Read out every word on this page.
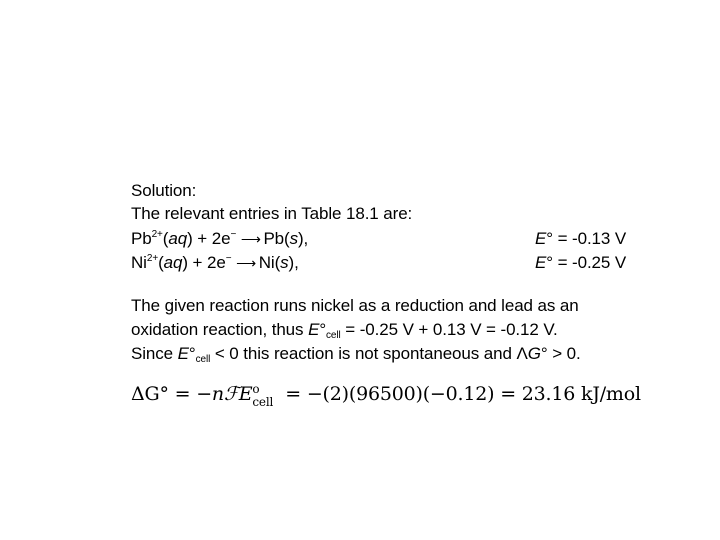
Solution:
The relevant entries in Table 18.1 are:
$Pb^{2+}(aq) + 2e^-$ ⟶ Pb(s),	E° = -0.13 V
$Ni^{2+}(aq) + 2e^-$ ⟶ Ni(s),	E° = -0.25 V
The given reaction runs nickel as a reduction and lead as an
oxidation reaction, thus $E^\circ_{cell} = -0.25$ V + 0.13 V = -0.12 V.
Since $E^\circ_{cell} < 0$ this reaction is not spontaneous and ΛG° > 0.
ΔG° = −nℱE$^o$
cell = −(2)(96500)(−0.12) = 23.16 kJ/mol
